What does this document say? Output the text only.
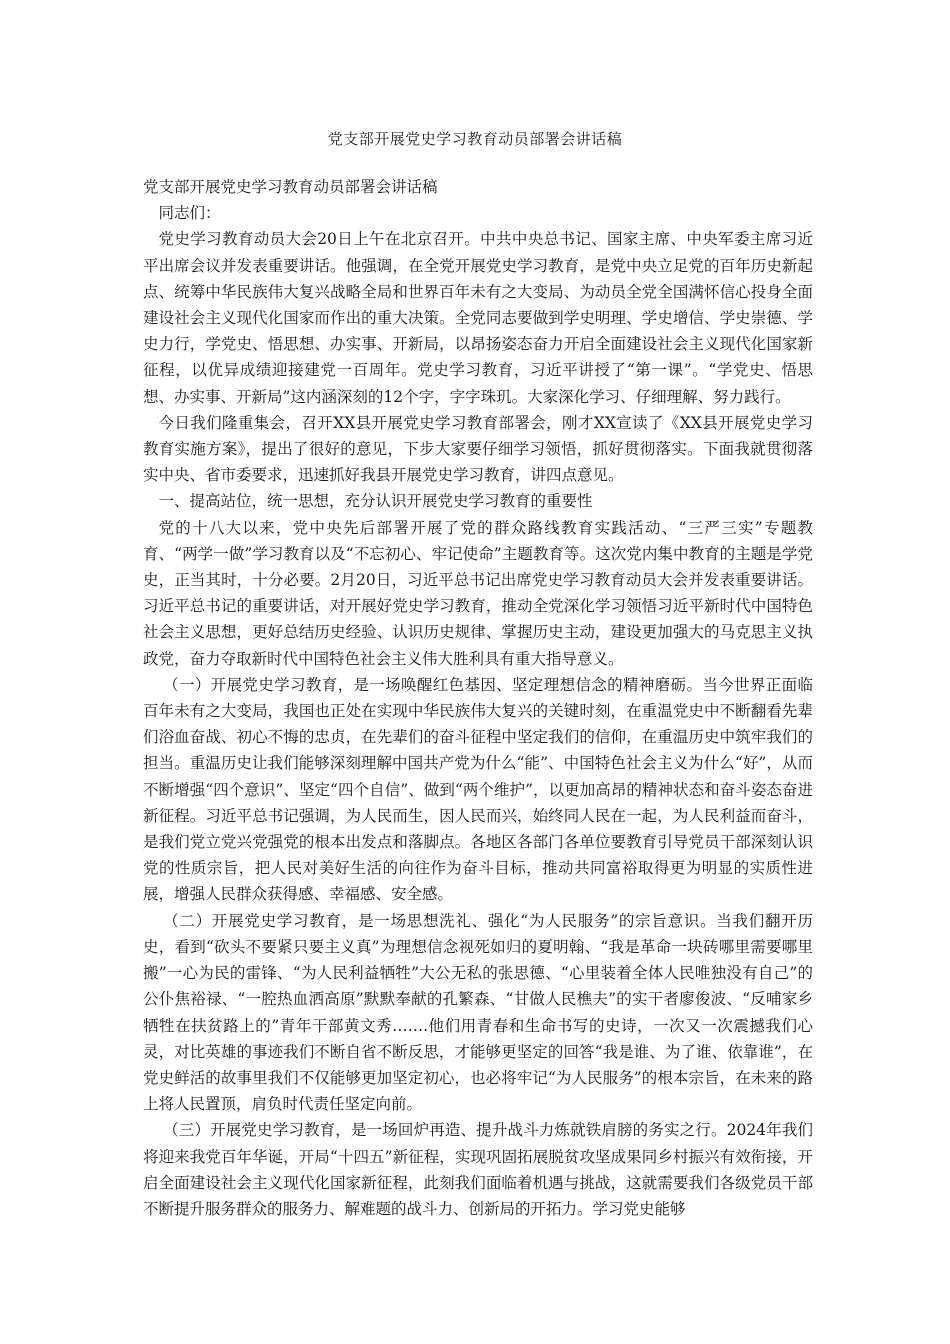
党支部开展党史学习教育动员部署会讲话稿

党支部开展党史学习教育动员部署会讲话稿

同志们：

党史学习教育动员大会20日上午在北京召开。中共中央总书记、国家主席、中央军委主席习近平出席会议并发表重要讲话。他强调，在全党开展党史学习教育，是党中央立足党的百年历史新起点、统筹中华民族伟大复兴战略全局和世界百年未有之大变局、为动员全党全国满怀信心投身全面建设社会主义现代化国家而作出的重大决策。全党同志要做到学史明理、学史增信、学史崇德、学史力行，学党史、悟思想、办实事、开新局，以昂扬姿态奋力开启全面建设社会主义现代化国家新征程，以优异成绩迎接建党一百周年。党史学习教育，习近平讲授了“第一课”。“学党史、悟思想、办实事、开新局”这内涵深刻的12个字，字字珠玑。大家深化学习、仔细理解、努力践行。

今日我们隆重集会，召开XX县开展党史学习教育部署会，刚才XX宣读了《XX县开展党史学习教育实施方案》，提出了很好的意见，下步大家要仔细学习领悟，抓好贯彻落实。下面我就贯彻落实中央、省市委要求，迅速抓好我县开展党史学习教育，讲四点意见。

一、提高站位，统一思想，充分认识开展党史学习教育的重要性

党的十八大以来，党中央先后部署开展了党的群众路线教育实践活动、“三严三实”专题教育、“两学一做”学习教育以及“不忘初心、牢记使命”主题教育等。这次党内集中教育的主题是学党史，正当其时，十分必要。2月20日，习近平总书记出席党史学习教育动员大会并发表重要讲话。习近平总书记的重要讲话，对开展好党史学习教育，推动全党深化学习领悟习近平新时代中国特色社会主义思想，更好总结历史经验、认识历史规律、掌握历史主动，建设更加强大的马克思主义执政党，奋力夺取新时代中国特色社会主义伟大胜利具有重大指导意义。

（一）开展党史学习教育，是一场唤醒红色基因、坚定理想信念的精神磨砺。当今世界正面临百年未有之大变局，我国也正处在实现中华民族伟大复兴的关键时刻，在重温党史中不断翻看先辈们浴血奋战、初心不悔的忠贞，在先辈们的奋斗征程中坚定我们的信仰，在重温历史中筑牢我们的担当。重温历史让我们能够深刻理解中国共产党为什么“能”、中国特色社会主义为什么“好”，从而不断增强“四个意识”、坚定“四个自信”、做到“两个维护”，以更加高昂的精神状态和奋斗姿态奋进新征程。习近平总书记强调，为人民而生，因人民而兴，始终同人民在一起，为人民利益而奋斗，是我们党立党兴党强党的根本出发点和落脚点。各地区各部门各单位要教育引导党员干部深刻认识党的性质宗旨，把人民对美好生活的向往作为奋斗目标，推动共同富裕取得更为明显的实质性进展，增强人民群众获得感、幸福感、安全感。

（二）开展党史学习教育，是一场思想洗礼、强化“为人民服务”的宗旨意识。当我们翻开历史，看到“砍头不要紧只要主义真”为理想信念视死如归的夏明翰、“我是革命一块砖哪里需要哪里搬”一心为民的雷锋、“为人民利益牺牲”大公无私的张思德、“心里装着全体人民唯独没有自己”的公仆焦裕禄、“一腔热血洒高原”默默奉献的孔繁森、“甘做人民樵夫”的实干者廖俊波、“反哺家乡牺牲在扶贫路上的”青年干部黄文秀…….他们用青春和生命书写的史诗，一次又一次震撼我们心灵，对比英雄的事迹我们不断自省不断反思，才能够更坚定的回答“我是谁、为了谁、依靠谁”，在党史鲜活的故事里我们不仅能够更加坚定初心，也必将牢记“为人民服务”的根本宗旨，在未来的路上将人民置顶，肩负时代责任坚定向前。

（三）开展党史学习教育，是一场回炉再造、提升战斗力炼就铁肩膀的务实之行。2024年我们将迎来我党百年华诞，开局“十四五”新征程，实现巩固拓展脱贫攻坚成果同乡村振兴有效衔接，开启全面建设社会主义现代化国家新征程，此刻我们面临着机遇与挑战，这就需要我们各级党员干部不断提升服务群众的服务力、解难题的战斗力、创新局的开拓力。学习党史能够
